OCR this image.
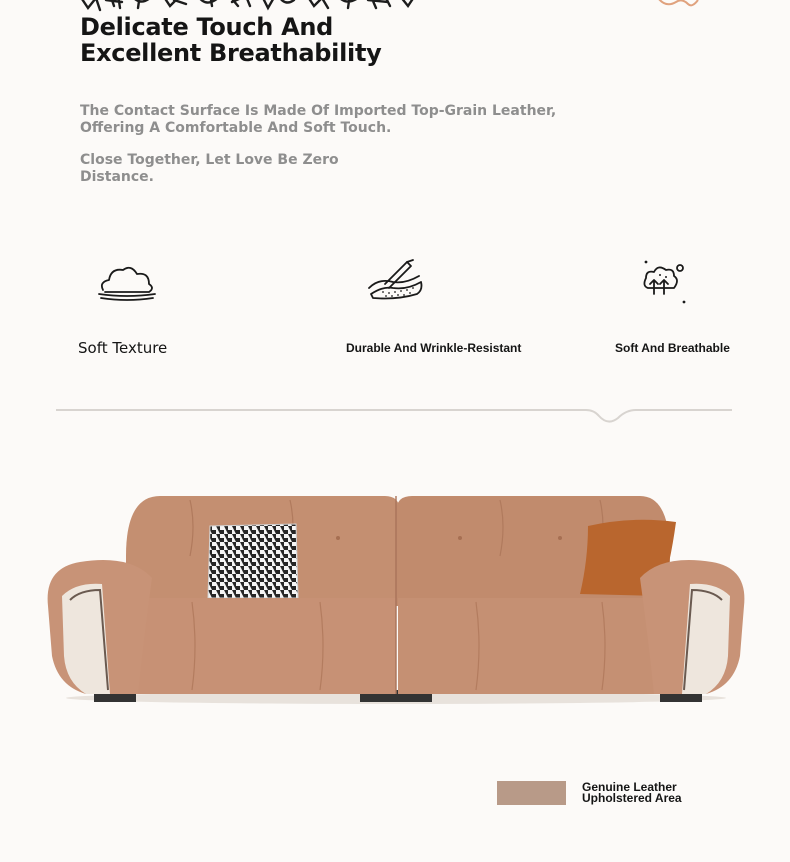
Delicate Touch And
Excellent Breathability

The Contact Surface Is Made Of Imported Top-Grain Leather, Offering A Comfortable And Soft Touch.

Close Together, Let Love Be Zero Distance.

Soft Texture	Durable And Wrinkle-Resistant	Soft And Breathable

Genuine Leather
Upholstered Area
